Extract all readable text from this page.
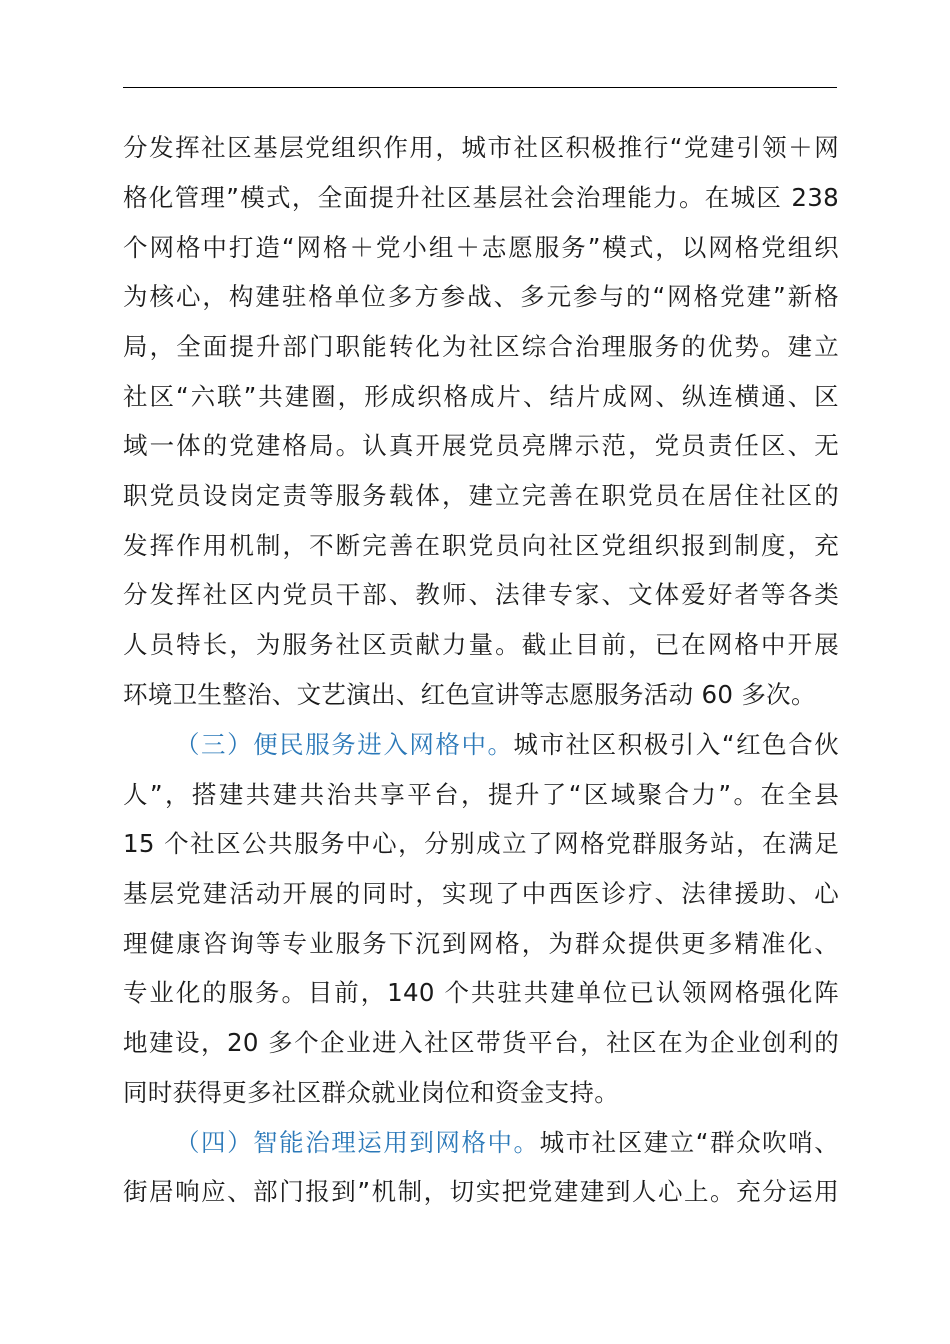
分发挥社区基层党组织作用，城市社区积极推行“党建引领＋网
格化管理”模式，全面提升社区基层社会治理能力。在城区 238
个网格中打造“网格＋党小组＋志愿服务”模式，以网格党组织
为核心，构建驻格单位多方参战、多元参与的“网格党建”新格
局，全面提升部门职能转化为社区综合治理服务的优势。建立
社区“六联”共建圈，形成织格成片、结片成网、纵连横通、区
域一体的党建格局。认真开展党员亮牌示范，党员责任区、无
职党员设岗定责等服务载体，建立完善在职党员在居住社区的
发挥作用机制，不断完善在职党员向社区党组织报到制度，充
分发挥社区内党员干部、教师、法律专家、文体爱好者等各类
人员特长，为服务社区贡献力量。截止目前，已在网格中开展
环境卫生整治、文艺演出、红色宣讲等志愿服务活动 60 多次。
（三）便民服务进入网格中。城市社区积极引入“红色合伙
人”，搭建共建共治共享平台，提升了“区域聚合力”。在全县
15 个社区公共服务中心，分别成立了网格党群服务站，在满足
基层党建活动开展的同时，实现了中西医诊疗、法律援助、心
理健康咨询等专业服务下沉到网格，为群众提供更多精准化、
专业化的服务。目前，140 个共驻共建单位已认领网格强化阵
地建设，20 多个企业进入社区带货平台，社区在为企业创利的
同时获得更多社区群众就业岗位和资金支持。
（四）智能治理运用到网格中。城市社区建立“群众吹哨、
街居响应、部门报到”机制，切实把党建建到人心上。充分运用
